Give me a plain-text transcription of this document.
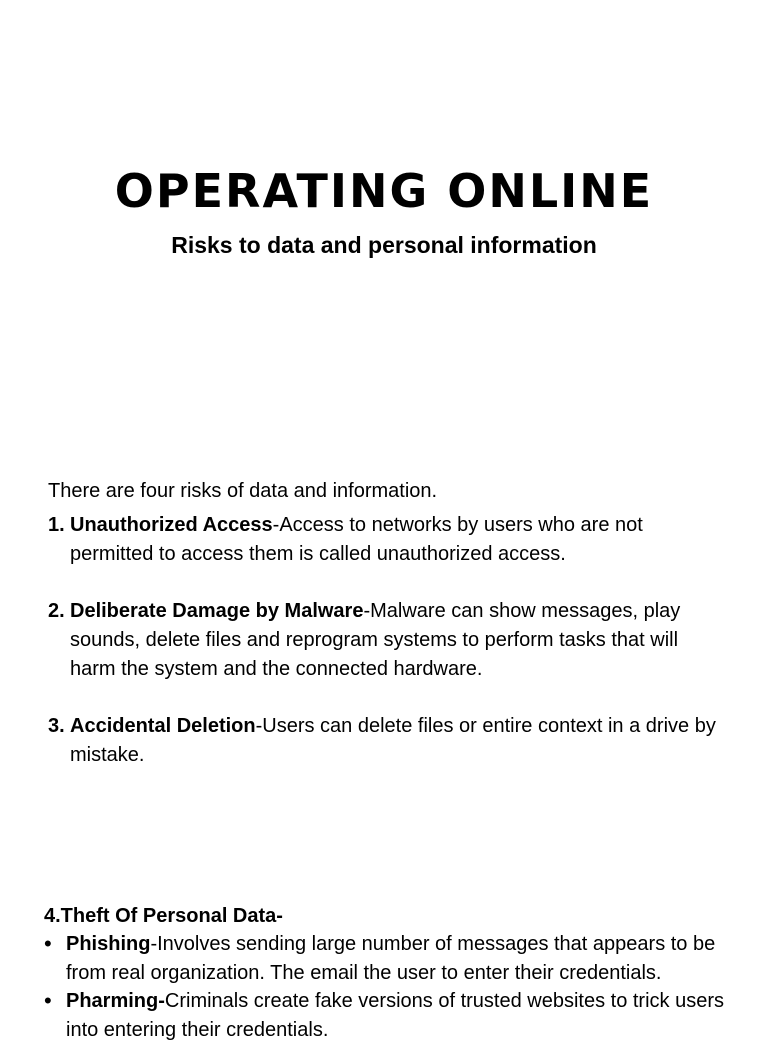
OPERATING ONLINE
Risks to data and personal information

There are four risks of data and information.

1. Unauthorized Access-Access to networks by users who are not permitted to access them is called unauthorized access.
2. Deliberate Damage by Malware-Malware can show messages, play sounds, delete files and reprogram systems to perform tasks that will harm the system and the connected hardware.
3. Accidental Deletion-Users can delete files or entire context in a drive by mistake.

4.Theft Of Personal Data-

• Phishing-Involves sending large number of messages that appears to be from real organization. The email the user to enter their credentials.
• Pharming-Criminals create fake versions of trusted websites to trick users into entering their credentials.
